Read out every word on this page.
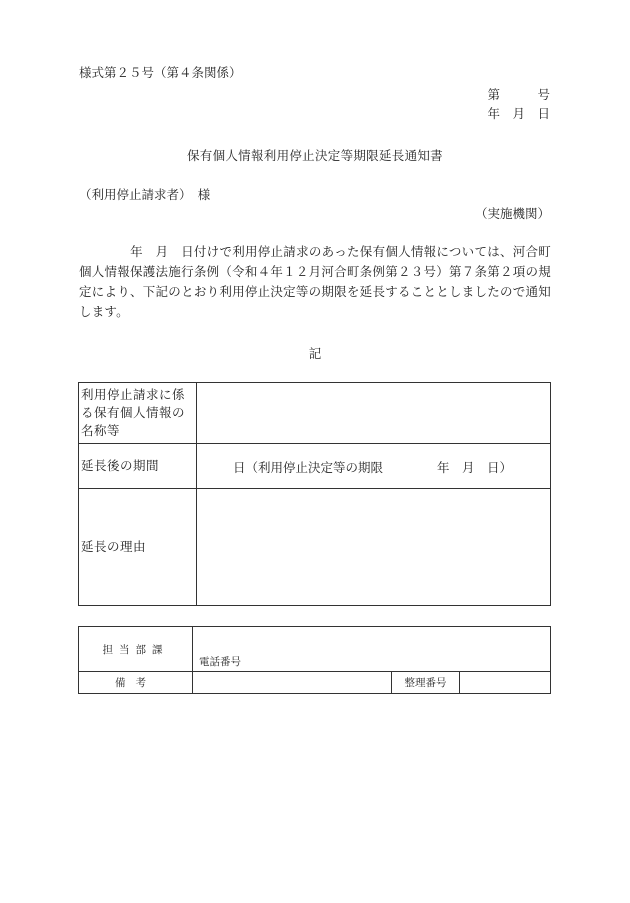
様式第２５号（第４条関係）
第　　　号
年　月　日
保有個人情報利用停止決定等期限延長通知書
（利用停止請求者）　様
（実施機関）
　　　　年　月　日付けで利用停止請求のあった保有個人情報については、河合町個人情報保護法施行条例（令和４年１２月河合町条例第２３号）第７条第２項の規定により、下記のとおり利用停止決定等の期限を延長することとしましたので通知します。
記
利用停止請求に係る保有個人情報の名称等	
延長後の期間	日（利用停止決定等の期限 年　月　日）

延長の理由	
担当部課	電話番号		

備考		整理番号	
